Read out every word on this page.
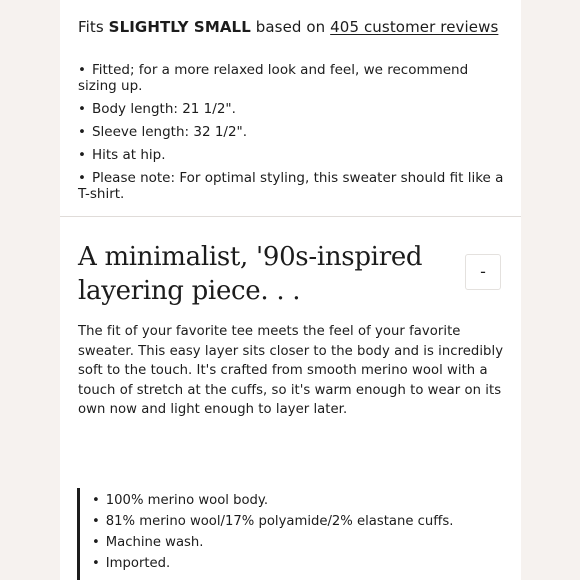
Fits SLIGHTLY SMALL based on 405 customer reviews

• Fitted; for a more relaxed look and feel, we recommend sizing up.
• Body length: 21 1/2".
• Sleeve length: 32 1/2".
• Hits at hip.
• Please note: For optimal styling, this sweater should fit like a T-shirt.
A minimalist, '90s-inspired layering piece. . .
-

The fit of your favorite tee meets the feel of your favorite sweater. This easy layer sits closer to the body and is incredibly soft to the touch. It's crafted from smooth merino wool with a touch of stretch at the cuffs, so it's warm enough to wear on its own now and light enough to layer later.

• 100% merino wool body.
• 81% merino wool/17% polyamide/2% elastane cuffs.
• Machine wash.
• Imported.
